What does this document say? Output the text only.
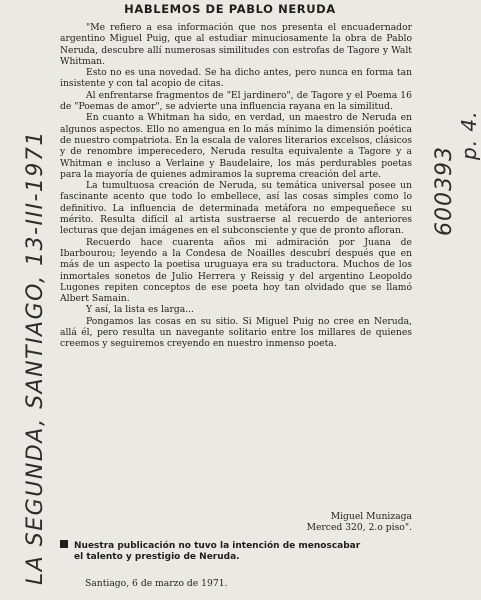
HABLEMOS DE PABLO NERUDA

"Me refiero a esa información que nos presenta el encuadernador argentino Miguel Puig, que al estudiar minuciosamente la obra de Pablo Neruda, descubre allí numerosas similitudes con estrofas de Tagore y Walt Whitman.

Esto no es una novedad. Se ha dicho antes, pero nunca en forma tan insistente y con tal acopio de citas.

Al enfrentarse fragmentos de "El jardinero", de Tagore y el Poema 16 de "Poemas de amor", se advierte una influencia rayana en la similitud.

En cuanto a Whitman ha sido, en verdad, un maestro de Neruda en algunos aspectos. Ello no amengua en lo más mínimo la dimensión poética de nuestro compatriota. En la escala de valores literarios excelsos, clásicos y de renombre imperecedero, Neruda resulta equivalente a Tagore y a Whitman e incluso a Verlaine y Baudelaire, los más perdurables poetas para la mayoría de quienes admiramos la suprema creación del arte.

La tumultuosa creación de Neruda, su temática universal posee un fascinante acento que todo lo embellece, así las cosas simples como lo definitivo. La influencia de determinada metáfora no empequeñece su mérito. Resulta difícil al artista sustraerse al recuerdo de anteriores lecturas que dejan imágenes en el subconsciente y que de pronto afloran.

Recuerdo hace cuarenta años mi admiración por Juana de Ibarbourou; leyendo a la Condesa de Noailles descubrí después que en más de un aspecto la poetisa uruguaya era su traductora. Muchos de los inmortales sonetos de Julio Herrera y Reissig y del argentino Leopoldo Lugones repiten conceptos de ese poeta hoy tan olvidado que se llamó Albert Samain.

Y así, la lista es larga...

Pongamos las cosas en su sitio. Si Miguel Puig no cree en Neruda, allá él, pero resulta un navegante solitario entre los millares de quienes creemos y seguiremos creyendo en nuestro inmenso poeta.

Miguel Munizaga
Merced 320, 2.o piso".
Nuestra publicación no tuvo la intención de menoscabar
el talento y prestigio de Neruda.
Santiago, 6 de marzo de 1971.
LA SEGUNDA, SANTIAGO, 13-III-1971	600393
p. 4.
